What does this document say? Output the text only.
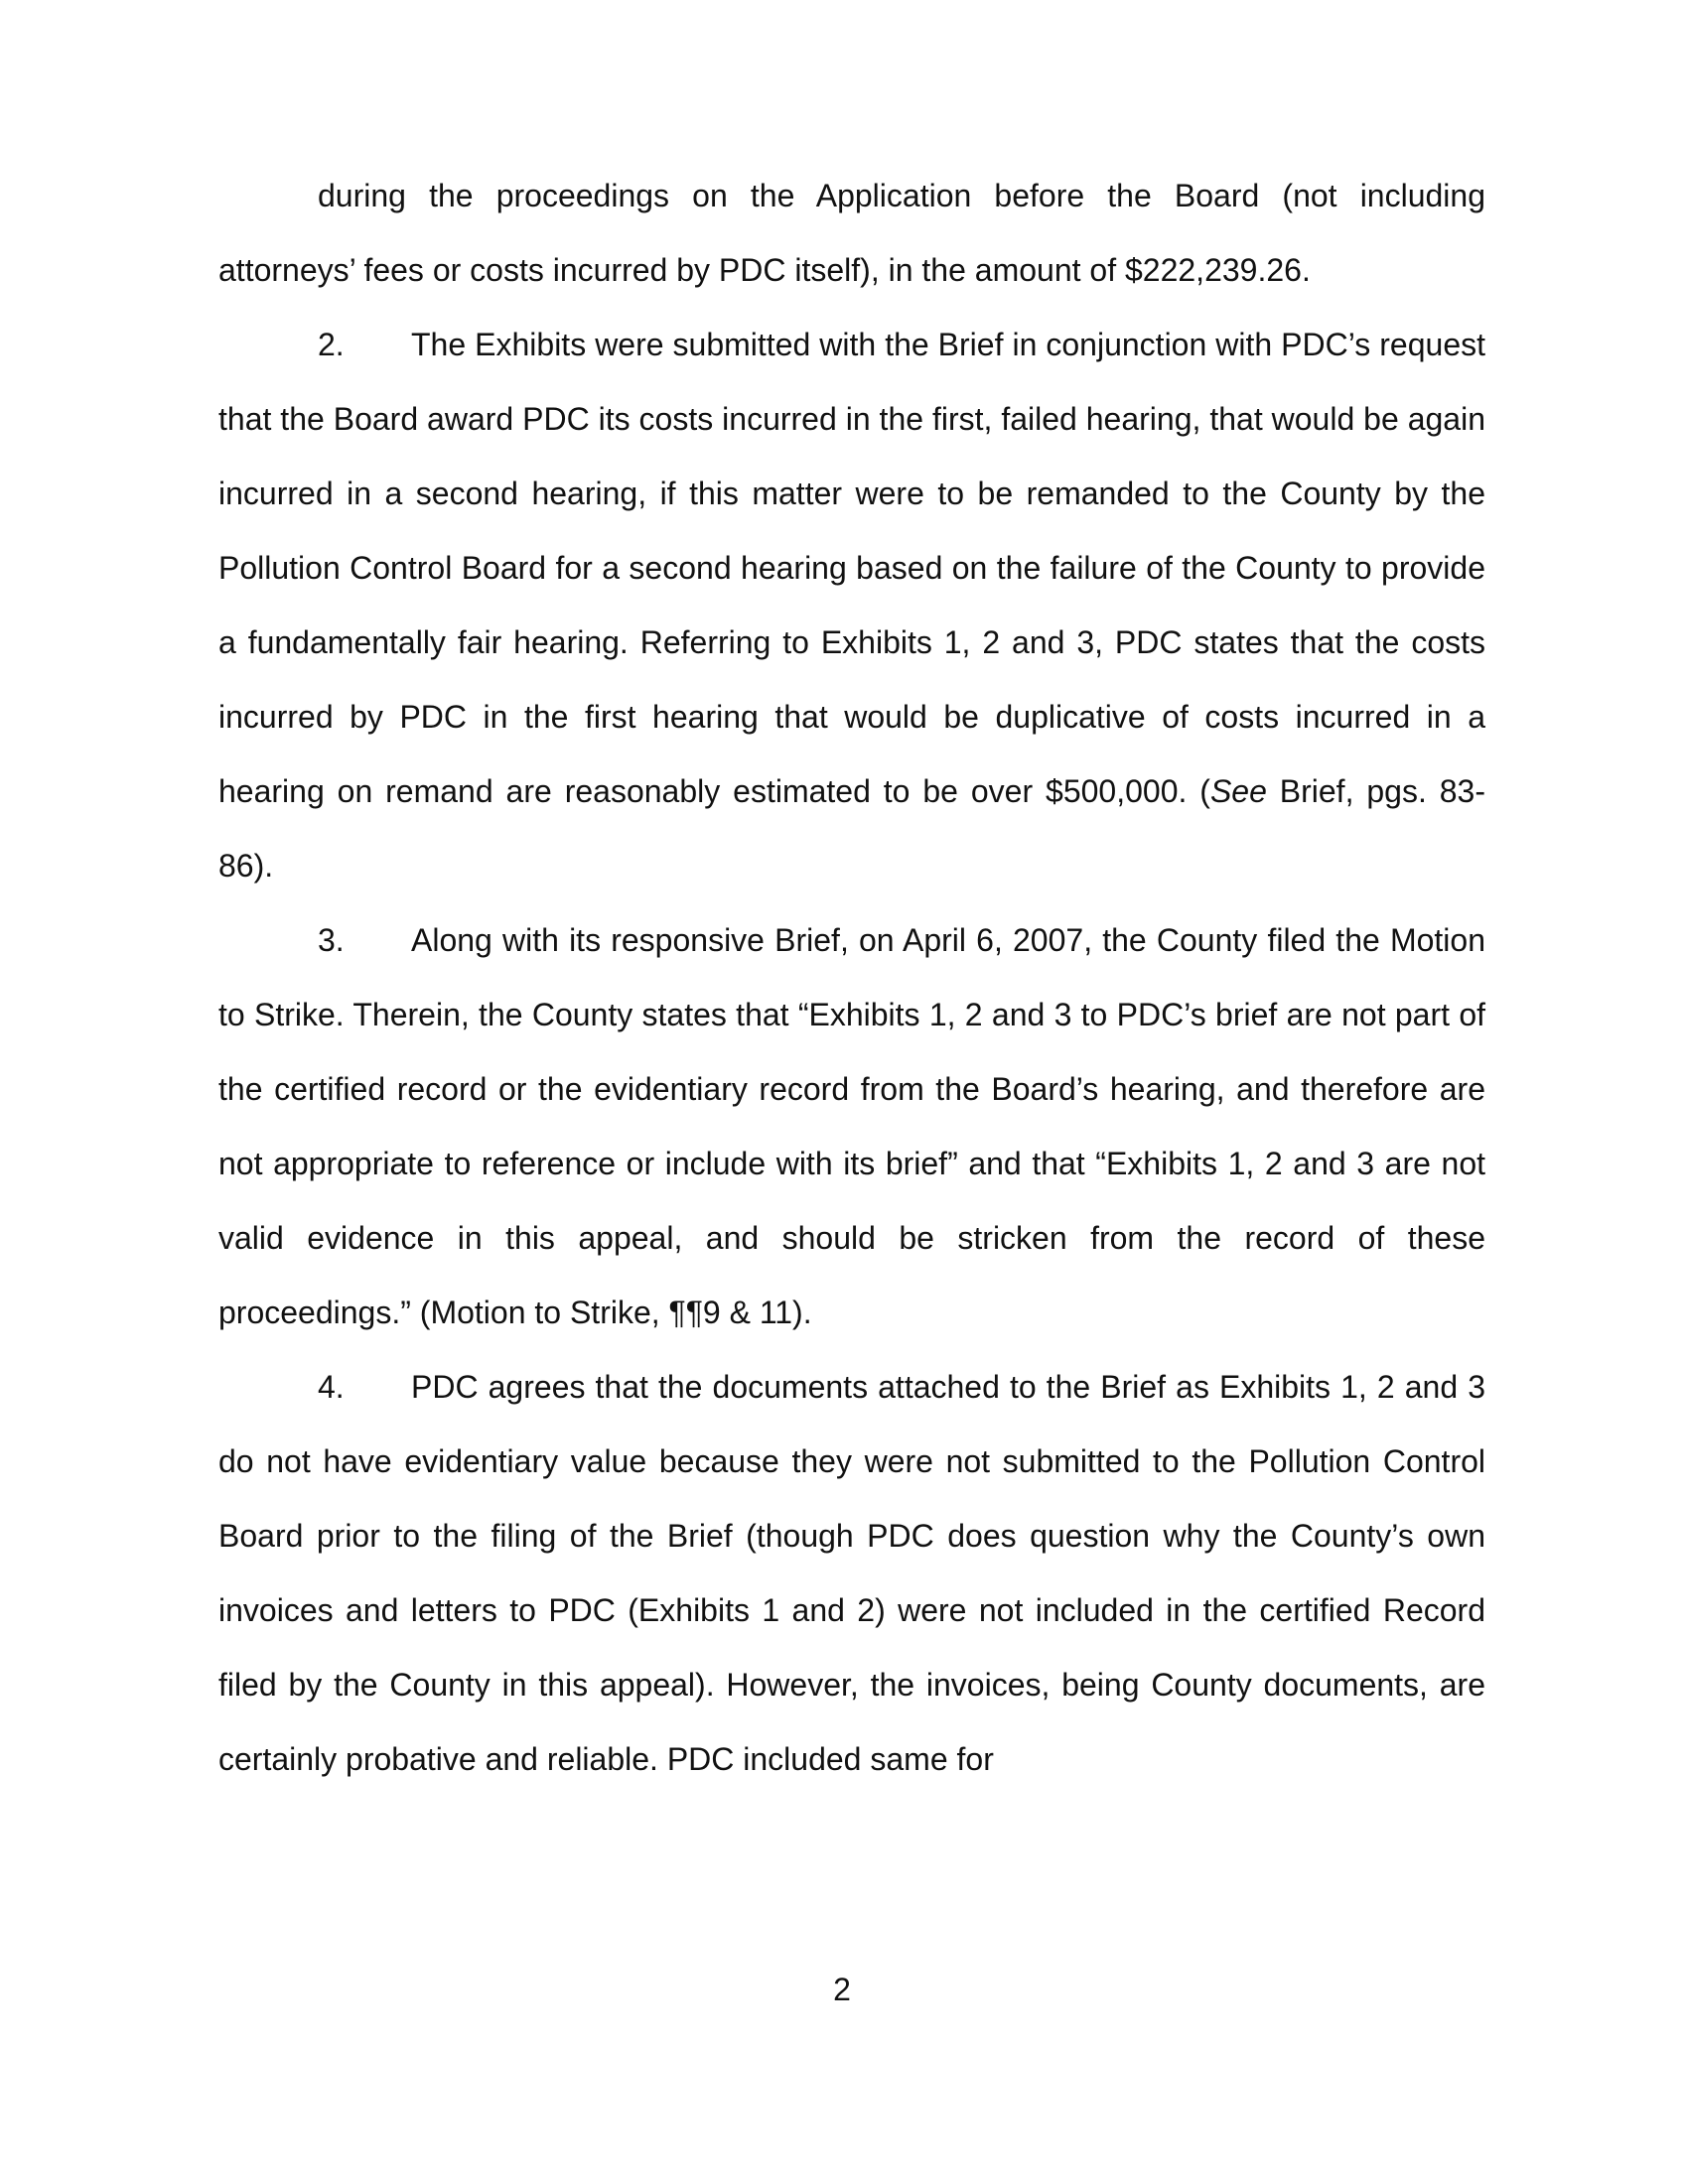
during the proceedings on the Application before the Board (not including attorneys’ fees or costs incurred by PDC itself), in the amount of $222,239.26.

2. The Exhibits were submitted with the Brief in conjunction with PDC’s request that the Board award PDC its costs incurred in the first, failed hearing, that would be again incurred in a second hearing, if this matter were to be remanded to the County by the Pollution Control Board for a second hearing based on the failure of the County to provide a fundamentally fair hearing. Referring to Exhibits 1, 2 and 3, PDC states that the costs incurred by PDC in the first hearing that would be duplicative of costs incurred in a hearing on remand are reasonably estimated to be over $500,000. (See Brief, pgs. 83-86).

3. Along with its responsive Brief, on April 6, 2007, the County filed the Motion to Strike. Therein, the County states that “Exhibits 1, 2 and 3 to PDC’s brief are not part of the certified record or the evidentiary record from the Board’s hearing, and therefore are not appropriate to reference or include with its brief” and that “Exhibits 1, 2 and 3 are not valid evidence in this appeal, and should be stricken from the record of these proceedings.” (Motion to Strike, ¶¶9 & 11).

4. PDC agrees that the documents attached to the Brief as Exhibits 1, 2 and 3 do not have evidentiary value because they were not submitted to the Pollution Control Board prior to the filing of the Brief (though PDC does question why the County’s own invoices and letters to PDC (Exhibits 1 and 2) were not included in the certified Record filed by the County in this appeal). However, the invoices, being County documents, are certainly probative and reliable. PDC included same for

2
